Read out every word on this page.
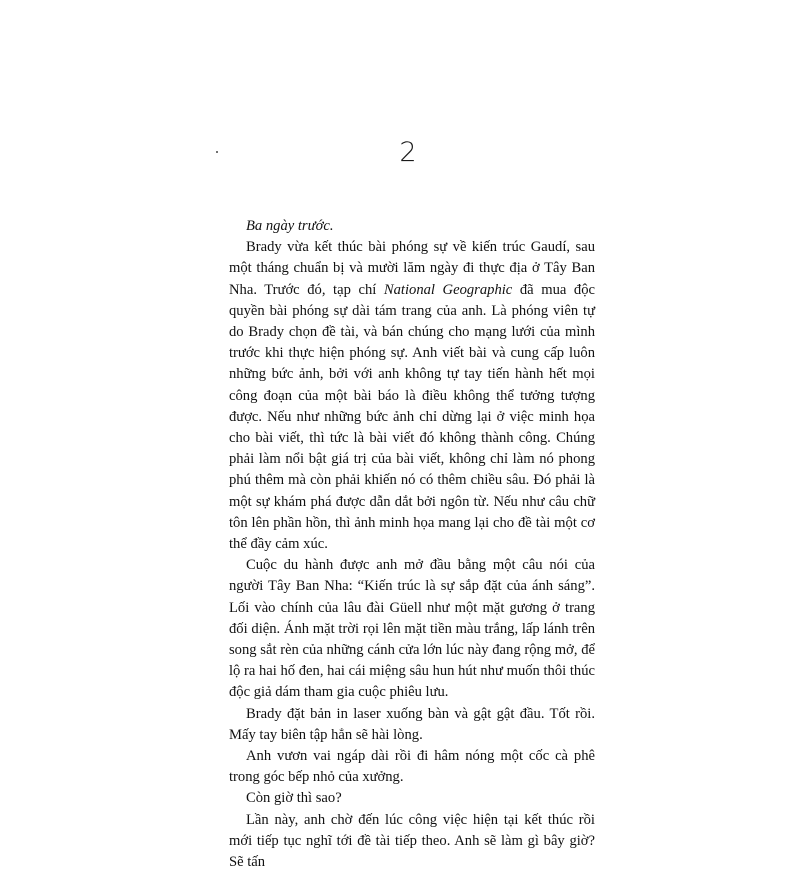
2

Ba ngày trước.

Brady vừa kết thúc bài phóng sự về kiến trúc Gaudí, sau một tháng chuẩn bị và mười lăm ngày đi thực địa ở Tây Ban Nha. Trước đó, tạp chí National Geographic đã mua độc quyền bài phóng sự dài tám trang của anh. Là phóng viên tự do Brady chọn đề tài, và bán chúng cho mạng lưới của mình trước khi thực hiện phóng sự. Anh viết bài và cung cấp luôn những bức ảnh, bởi với anh không tự tay tiến hành hết mọi công đoạn của một bài báo là điều không thể tưởng tượng được. Nếu như những bức ảnh chỉ dừng lại ở việc minh họa cho bài viết, thì tức là bài viết đó không thành công. Chúng phải làm nổi bật giá trị của bài viết, không chỉ làm nó phong phú thêm mà còn phải khiến nó có thêm chiều sâu. Đó phải là một sự khám phá được dẫn dắt bởi ngôn từ. Nếu như câu chữ tôn lên phần hồn, thì ảnh minh họa mang lại cho đề tài một cơ thể đầy cảm xúc.

Cuộc du hành được anh mở đầu bằng một câu nói của người Tây Ban Nha: “Kiến trúc là sự sắp đặt của ánh sáng”. Lối vào chính của lâu đài Güell như một mặt gương ở trang đối diện. Ánh mặt trời rọi lên mặt tiền màu trắng, lấp lánh trên song sắt rèn của những cánh cửa lớn lúc này đang rộng mở, để lộ ra hai hố đen, hai cái miệng sâu hun hút như muốn thôi thúc độc giả dám tham gia cuộc phiêu lưu.

Brady đặt bản in laser xuống bàn và gật gật đầu. Tốt rồi. Mấy tay biên tập hẳn sẽ hài lòng.

Anh vươn vai ngáp dài rồi đi hâm nóng một cốc cà phê trong góc bếp nhỏ của xưởng.

Còn giờ thì sao?

Lần này, anh chờ đến lúc công việc hiện tại kết thúc rồi mới tiếp tục nghĩ tới đề tài tiếp theo. Anh sẽ làm gì bây giờ? Sẽ tấn
